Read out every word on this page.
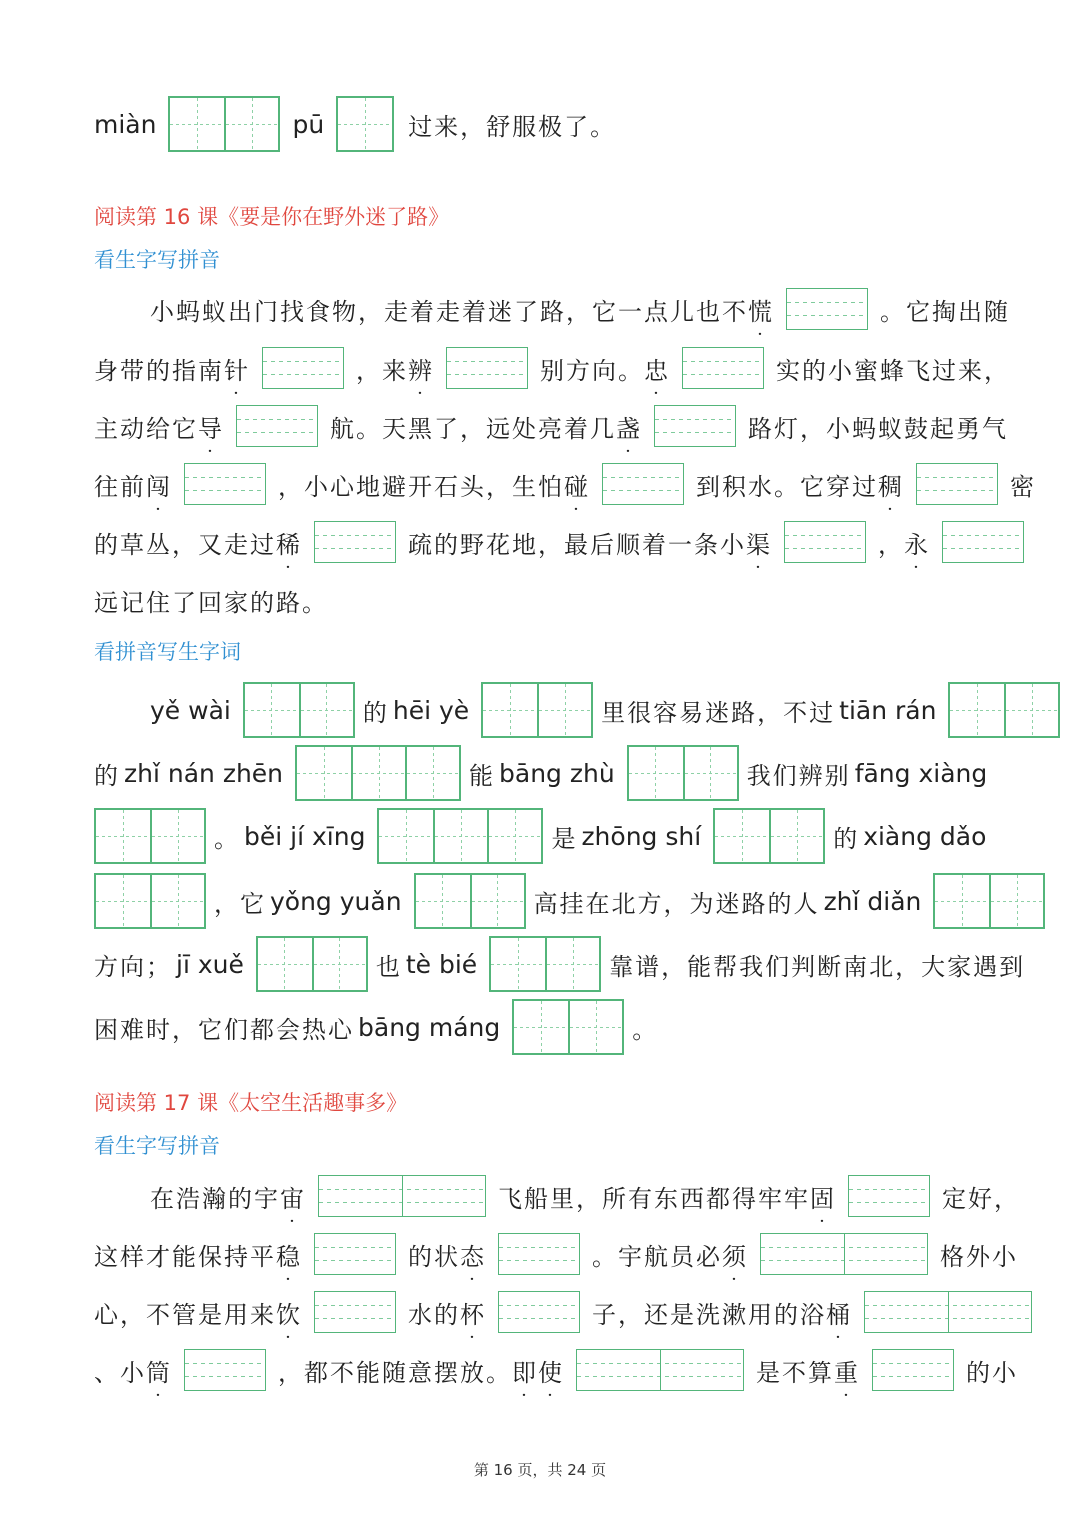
miàn	pū	过来，舒服极了。
阅读第 16 课《要是你在野外迷了路》
看生字写拼音
小蚂蚁出门找食物，走着走着迷了路，它一点儿也不 慌 ·	。它掏出随
身带的指南 针 ·	，来 辨 ·	别方向。 忠 ·	实的小蜜蜂飞过来，
主动给它 导 ·	航。天黑了，远处亮着几 盏 ·	路灯，小蚂蚁鼓起勇气
往前 闯 ·	，小心地避开石头，生怕 碰 ·	到积水。它穿过 稠 ·	密
的草丛，又走过 稀 ·	疏的野花地，最后顺着一条小 渠 ·	， 永 ·
远记住了回家的路。
看拼音写生字词
yě wài	的 hēi yè	里很容易迷路，不过 tiān rán
的 zhǐ nán zhēn	能 bāng zhù	我们辨别 fāng xiàng
。 běi jí xīng	是 zhōng shí	的 xiàng dǎo
，它 yǒng yuǎn	高挂在北方，为迷路的人 zhǐ diǎn
方向； jī xuě	也 tè bié	靠谱，能帮我们判断南北，大家遇到
困难时，它们都会热心 bāng máng	。
阅读第 17 课《太空生活趣事多》
看生字写拼音
在浩瀚的宇 宙 ·	飞船里，所有东西都得牢牢 固 ·	定好，
这样才能保持平 稳 ·	的状 态 ·	。宇航员必 须 ·	格外小
心，不管是用来 饮 ·	水的 杯 ·	子，还是洗漱用的浴 桶 ·
、小 筒 ·	，都不能随意摆放。 即 · 使 ·	是不算 重 ·	的小
第 16 页，共 24 页
